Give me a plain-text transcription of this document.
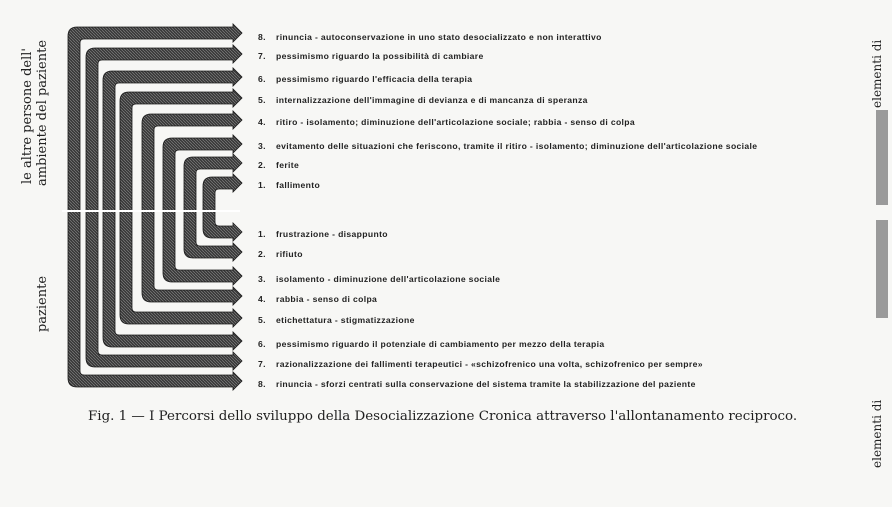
le altre persone dell' ambiente del paziente
paziente
8. rinuncia - autoconservazione in uno stato desocializzato e non interattivo
7. pessimismo riguardo la possibilità di cambiare
6. pessimismo riguardo l'efficacia della terapia
5. internalizzazione dell'immagine di devianza e di mancanza di speranza
4. ritiro - isolamento; diminuzione dell'articolazione sociale; rabbia - senso di colpa
3. evitamento delle situazioni che feriscono, tramite il ritiro - isolamento; diminuzione dell'articolazione sociale
2. ferite
1. fallimento
1. frustrazione - disappunto
2. rifiuto
3. isolamento - diminuzione dell'articolazione sociale
4. rabbia - senso di colpa
5. etichettatura - stigmatizzazione
6. pessimismo riguardo il potenziale di cambiamento per mezzo della terapia
7. razionalizzazione dei fallimenti terapeutici - «schizofrenico una volta, schizofrenico per sempre»
8. rinuncia - sforzi centrati sulla conservazione del sistema tramite la stabilizzazione del paziente
Fig. 1 — I Percorsi dello sviluppo della Desocializzazione Cronica attraverso l'allontanamento reciproco.
elementi di
elementi di
